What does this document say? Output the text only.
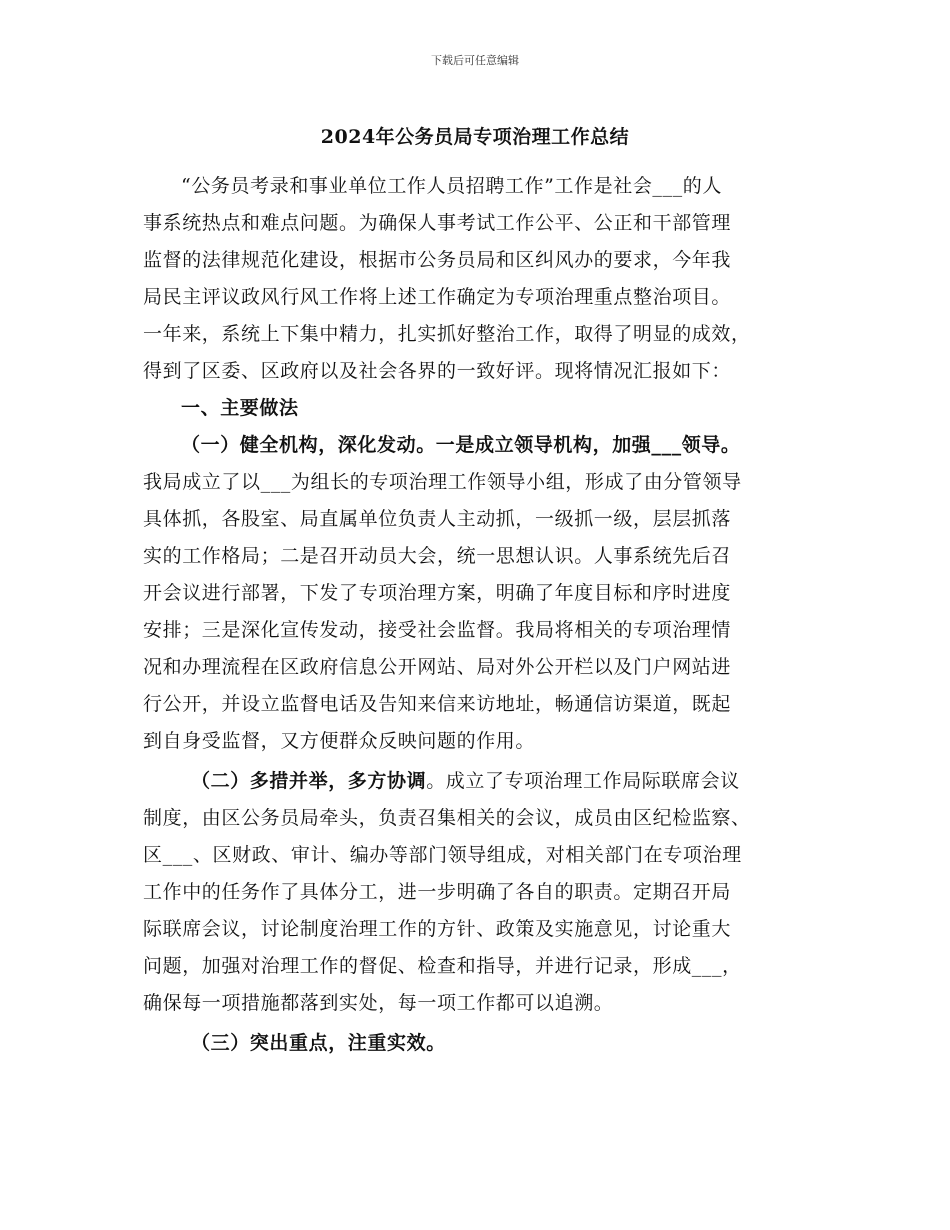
下载后可任意编辑
2024年公务员局专项治理工作总结
“公务员考录和事业单位工作人员招聘工作”工作是社会___的人
事系统热点和难点问题。为确保人事考试工作公平、公正和干部管理
监督的法律规范化建设，根据市公务员局和区纠风办的要求，今年我
局民主评议政风行风工作将上述工作确定为专项治理重点整治项目。
一年来，系统上下集中精力，扎实抓好整治工作，取得了明显的成效，
得到了区委、区政府以及社会各界的一致好评。现将情况汇报如下：
一、主要做法
（一）健全机构，深化发动。一是成立领导机构，加强___领导。
我局成立了以___为组长的专项治理工作领导小组，形成了由分管领导
具体抓，各股室、局直属单位负责人主动抓，一级抓一级，层层抓落
实的工作格局；二是召开动员大会，统一思想认识。人事系统先后召
开会议进行部署，下发了专项治理方案，明确了年度目标和序时进度
安排；三是深化宣传发动，接受社会监督。我局将相关的专项治理情
况和办理流程在区政府信息公开网站、局对外公开栏以及门户网站进
行公开，并设立监督电话及告知来信来访地址，畅通信访渠道，既起
到自身受监督，又方便群众反映问题的作用。
（二）多措并举，多方协调。成立了专项治理工作局际联席会议
制度，由区公务员局牵头，负责召集相关的会议，成员由区纪检监察、
区___、区财政、审计、编办等部门领导组成，对相关部门在专项治理
工作中的任务作了具体分工，进一步明确了各自的职责。定期召开局
际联席会议，讨论制度治理工作的方针、政策及实施意见，讨论重大
问题，加强对治理工作的督促、检查和指导，并进行记录，形成___，
确保每一项措施都落到实处，每一项工作都可以追溯。
（三）突出重点，注重实效。
